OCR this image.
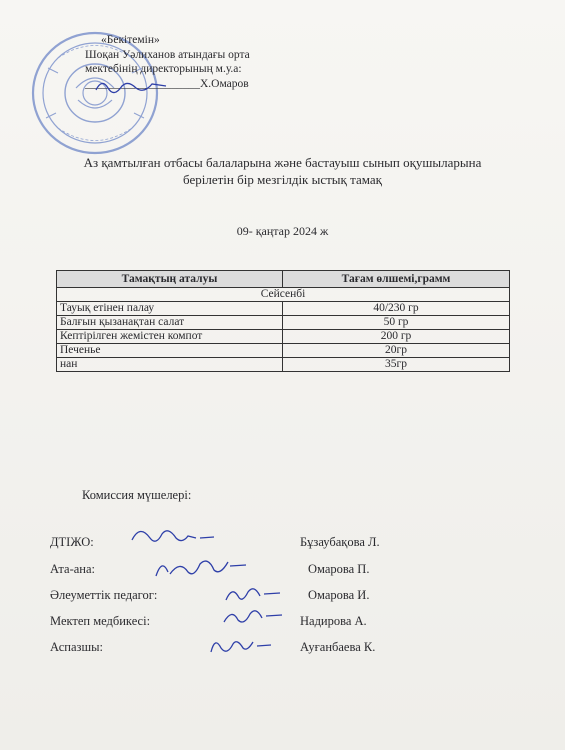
«Бекітемін»
Шоқан Уәлиханов атындағы орта
мектебінің директорының м.у.а:
____________________Х.Омаров
Аз қамтылған отбасы балаларына және бастауыш сынып оқушыларына
берілетін бір мезгілдік ыстық тамақ
09- қаңтар 2024 ж
Тамақтың аталуы	Тағам өлшемі,грамм
Сейсенбі	
Тауық етінен палау	40/230 гр
Балғын қызанақтан салат	50 гр
Кептірілген жемістен компот	200 гр
Печенье	20гр
нан	35гр
Комиссия мүшелері:
ДТІЖО:	Бұзаубақова Л.
Ата-ана:	Омарова П.
Әлеуметтік педагог:	Омарова И.
Мектеп медбикесі:	Надирова А.
Аспазшы:	Ауғанбаева К.
